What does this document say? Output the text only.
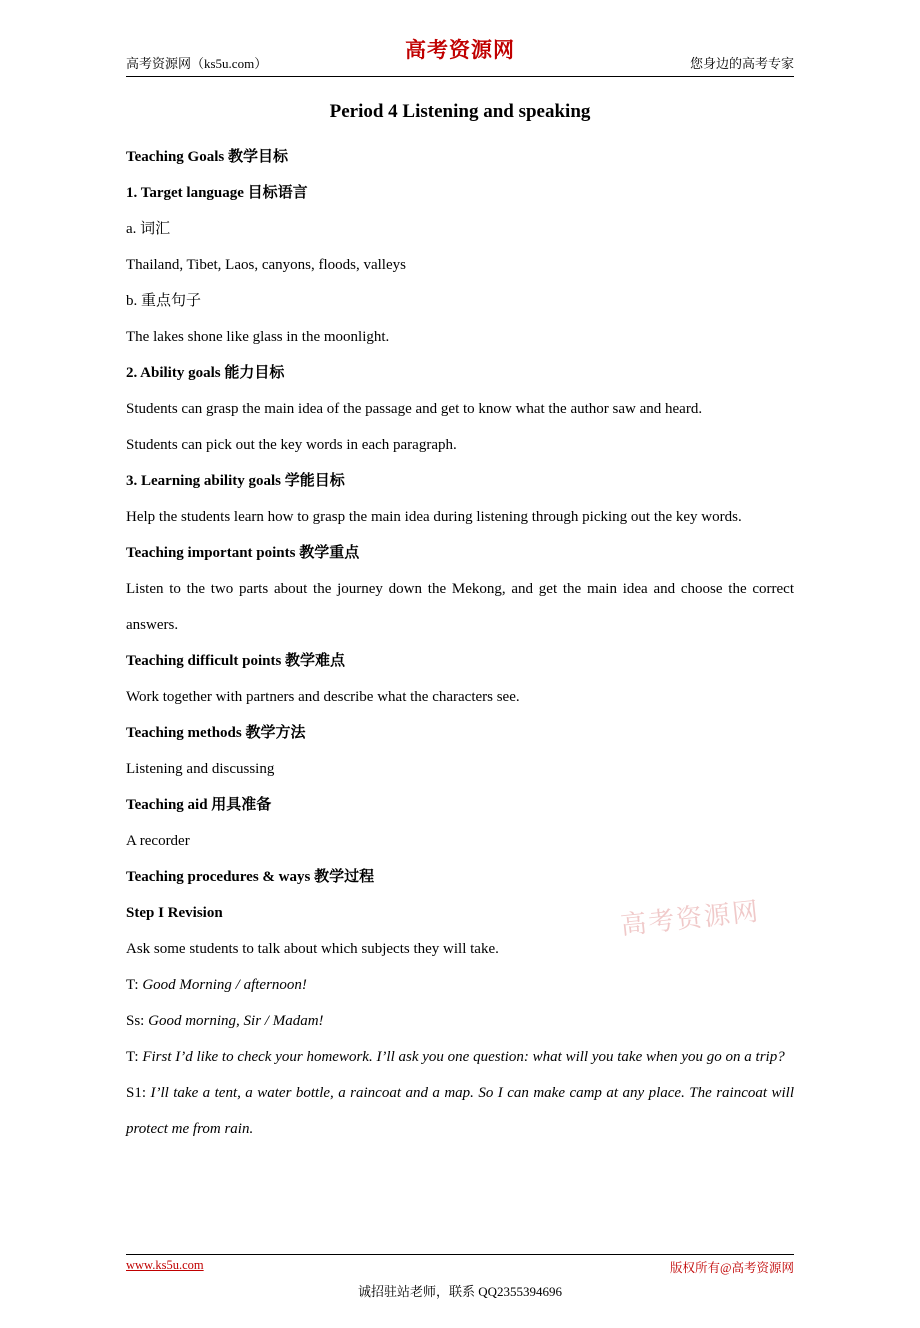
高考资源网（ks5u.com）
高考资源网
您身边的高考专家
Period 4 Listening and speaking

Teaching Goals 教学目标

1. Target language 目标语言

a. 词汇

Thailand, Tibet, Laos, canyons, floods, valleys

b. 重点句子

The lakes shone like glass in the moonlight.

2. Ability goals 能力目标

Students can grasp the main idea of the passage and get to know what the author saw and heard.

Students can pick out the key words in each paragraph.

3. Learning ability goals 学能目标

Help the students learn how to grasp the main idea during listening through picking out the key words.

Teaching important points 教学重点

Listen to the two parts about the journey down the Mekong, and get the main idea and choose the correct answers.

Teaching difficult points 教学难点

Work together with partners and describe what the characters see.

Teaching methods 教学方法

Listening and discussing

Teaching aid 用具准备

A recorder

Teaching procedures & ways 教学过程

Step I Revision

Ask some students to talk about which subjects they will take.

T: Good Morning / afternoon!

Ss: Good morning, Sir / Madam!

T: First I’d like to check your homework. I’ll ask you one question: what will you take when you go on a trip?

S1: I’ll take a tent, a water bottle, a raincoat and a map. So I can make camp at any place. The raincoat will protect me from rain.

高考资源网
www.ks5u.com	版权所有@高考资源网
诚招驻站老师，联系 QQ2355394696
